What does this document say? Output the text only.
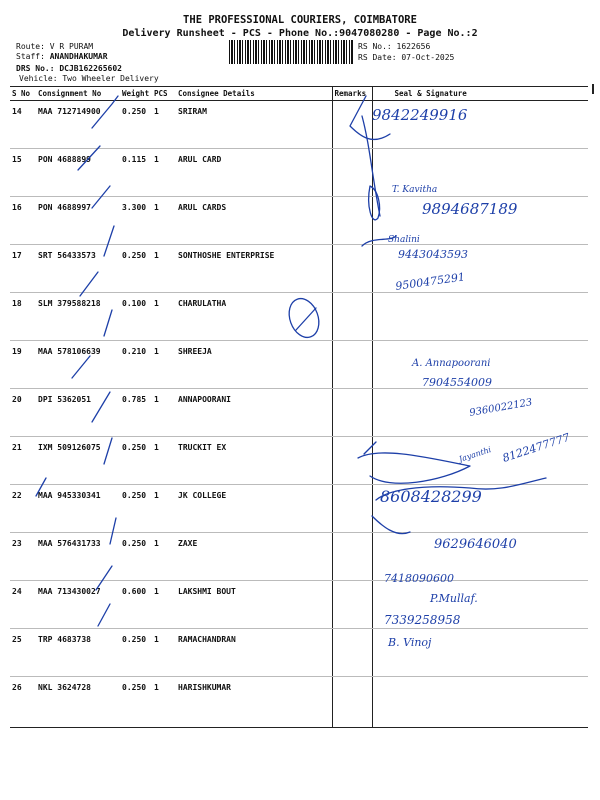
THE PROFESSIONAL COURIERS, COIMBATORE
Delivery Runsheet - PCS - Phone No.:9047080280 - Page No.:2
Route: V R PURAM
Staff: ANANDHAKUMAR
DRS No.: DCJB162265602
Vehicle: Two Wheeler Delivery
RS No.: 1622656
RS Date: 07-Oct-2025
S No	Consignment No	Weight	PCS	Consignee Details	Remarks	Seal & Signature
14	MAA 712714900	0.250	1	SRIRAM		
15	PON 4688899	0.115	1	ARUL CARD		
16	PON 4688997	3.300	1	ARUL CARDS		
17	SRT 56433573	0.250	1	SONTHOSHE ENTERPRISE		
18	SLM 379588218	0.100	1	CHARULATHA		
19	MAA 578106639	0.210	1	SHREEJA		
20	DPI 5362051	0.785	1	ANNAPOORANI		
21	IXM 509126075	0.250	1	TRUCKIT EX		
22	MAA 945330341	0.250	1	JK COLLEGE		
23	MAA 576431733	0.250	1	ZAXE		
24	MAA 713430027	0.600	1	LAKSHMI BOUT		
25	TRP 4683738	0.250	1	RAMACHANDRAN		
26	NKL 3624728	0.250	1	HARISHKUMAR		
9842249916
T. Kavitha
9894687189
Shalini
9443043593
9500475291
A. Annapoorani
7904554009
9360022123
Jayanthi 8122477777
8608428299
9629646040
7418090600
P.Mullaf.
7339258958
B. Vinoj
